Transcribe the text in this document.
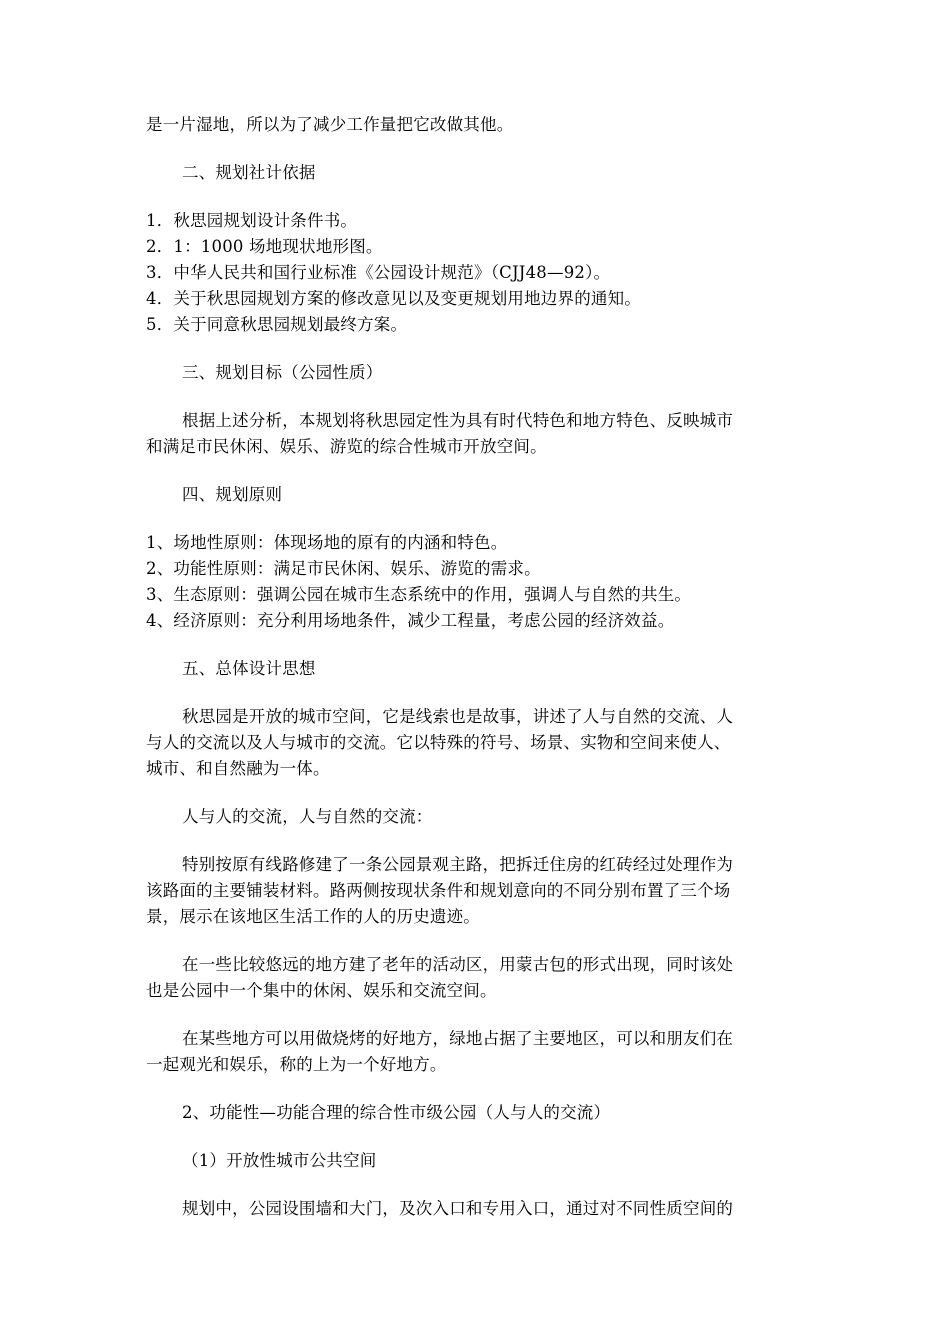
是一片湿地，所以为了减少工作量把它改做其他。
二、规划社计依据
1．秋思园规划设计条件书。
2．1：1000 场地现状地形图。
3．中华人民共和国行业标准《公园设计规范》（CJJ48—92）。
4．关于秋思园规划方案的修改意见以及变更规划用地边界的通知。
5．关于同意秋思园规划最终方案。
三、规划目标（公园性质）
根据上述分析，本规划将秋思园定性为具有时代特色和地方特色、反映城市
和满足市民休闲、娱乐、游览的综合性城市开放空间。
四、规划原则
1、场地性原则：体现场地的原有的内涵和特色。
2、功能性原则：满足市民休闲、娱乐、游览的需求。
3、生态原则：强调公园在城市生态系统中的作用，强调人与自然的共生。
4、经济原则：充分利用场地条件，减少工程量，考虑公园的经济效益。
五、总体设计思想
秋思园是开放的城市空间，它是线索也是故事，讲述了人与自然的交流、人
与人的交流以及人与城市的交流。它以特殊的符号、场景、实物和空间来使人、
城市、和自然融为一体。
人与人的交流，人与自然的交流：
特别按原有线路修建了一条公园景观主路，把拆迁住房的红砖经过处理作为
该路面的主要铺装材料。路两侧按现状条件和规划意向的不同分别布置了三个场
景，展示在该地区生活工作的人的历史遗迹。
在一些比较悠远的地方建了老年的活动区，用蒙古包的形式出现，同时该处
也是公园中一个集中的休闲、娱乐和交流空间。
在某些地方可以用做烧烤的好地方，绿地占据了主要地区，可以和朋友们在
一起观光和娱乐，称的上为一个好地方。
2、功能性—功能合理的综合性市级公园（人与人的交流）
（1）开放性城市公共空间
规划中，公园设围墙和大门，及次入口和专用入口，通过对不同性质空间的
